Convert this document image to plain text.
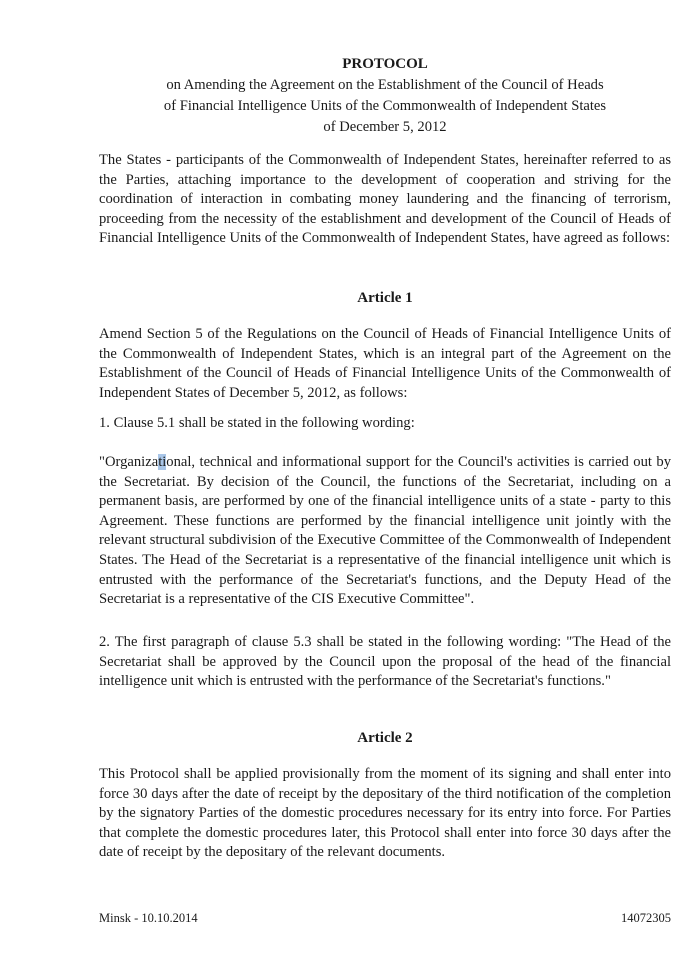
PROTOCOL
on Amending the Agreement on the Establishment of the Council of Heads
of Financial Intelligence Units of the Commonwealth of Independent States
of December 5, 2012

The States - participants of the Commonwealth of Independent States, hereinafter referred to as the Parties, attaching importance to the development of cooperation and striving for the coordination of interaction in combating money laundering and the financing of terrorism, proceeding from the necessity of the establishment and development of the Council of Heads of Financial Intelligence Units of the Commonwealth of Independent States, have agreed as follows:

Article 1

Amend Section 5 of the Regulations on the Council of Heads of Financial Intelligence Units of the Commonwealth of Independent States, which is an integral part of the Agreement on the Establishment of the Council of Heads of Financial Intelligence Units of the Commonwealth of Independent States of December 5, 2012, as follows:

1. Clause 5.1 shall be stated in the following wording:

"Organizational, technical and informational support for the Council's activities is carried out by the Secretariat. By decision of the Council, the functions of the Secretariat, including on a permanent basis, are performed by one of the financial intelligence units of a state - party to this Agreement. These functions are performed by the financial intelligence unit jointly with the relevant structural subdivision of the Executive Committee of the Commonwealth of Independent States. The Head of the Secretariat is a representative of the financial intelligence unit which is entrusted with the performance of the Secretariat's functions, and the Deputy Head of the Secretariat is a representative of the CIS Executive Committee".

2. The first paragraph of clause 5.3 shall be stated in the following wording: "The Head of the Secretariat shall be approved by the Council upon the proposal of the head of the financial intelligence unit which is entrusted with the performance of the Secretariat's functions."

Article 2

This Protocol shall be applied provisionally from the moment of its signing and shall enter into force 30 days after the date of receipt by the depositary of the third notification of the completion by the signatory Parties of the domestic procedures necessary for its entry into force. For Parties that complete the domestic procedures later, this Protocol shall enter into force 30 days after the date of receipt by the depositary of the relevant documents.

Minsk - 10.10.2014	14072305
